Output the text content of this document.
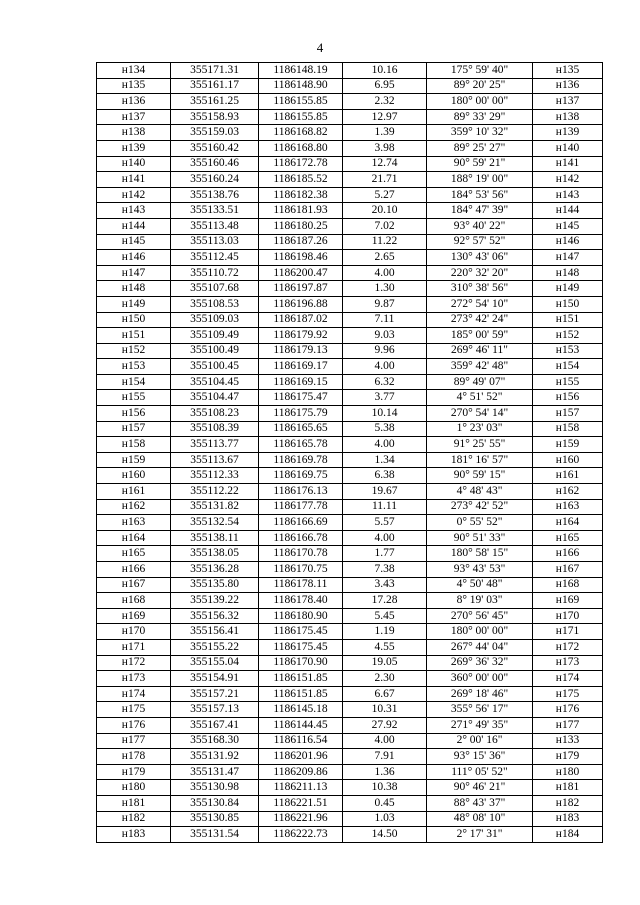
4
н134	355171.31	1186148.19	10.16	175° 59' 40"	н135
н135	355161.17	1186148.90	6.95	89° 20' 25"	н136
н136	355161.25	1186155.85	2.32	180° 00' 00"	н137
н137	355158.93	1186155.85	12.97	89° 33' 29"	н138
н138	355159.03	1186168.82	1.39	359° 10' 32"	н139
н139	355160.42	1186168.80	3.98	89° 25' 27"	н140
н140	355160.46	1186172.78	12.74	90° 59' 21"	н141
н141	355160.24	1186185.52	21.71	188° 19' 00"	н142
н142	355138.76	1186182.38	5.27	184° 53' 56"	н143
н143	355133.51	1186181.93	20.10	184° 47' 39"	н144
н144	355113.48	1186180.25	7.02	93° 40' 22"	н145
н145	355113.03	1186187.26	11.22	92° 57' 52"	н146
н146	355112.45	1186198.46	2.65	130° 43' 06"	н147
н147	355110.72	1186200.47	4.00	220° 32' 20"	н148
н148	355107.68	1186197.87	1.30	310° 38' 56"	н149
н149	355108.53	1186196.88	9.87	272° 54' 10"	н150
н150	355109.03	1186187.02	7.11	273° 42' 24"	н151
н151	355109.49	1186179.92	9.03	185° 00' 59"	н152
н152	355100.49	1186179.13	9.96	269° 46' 11"	н153
н153	355100.45	1186169.17	4.00	359° 42' 48"	н154
н154	355104.45	1186169.15	6.32	89° 49' 07"	н155
н155	355104.47	1186175.47	3.77	4° 51' 52"	н156
н156	355108.23	1186175.79	10.14	270° 54' 14"	н157
н157	355108.39	1186165.65	5.38	1° 23' 03"	н158
н158	355113.77	1186165.78	4.00	91° 25' 55"	н159
н159	355113.67	1186169.78	1.34	181° 16' 57"	н160
н160	355112.33	1186169.75	6.38	90° 59' 15"	н161
н161	355112.22	1186176.13	19.67	4° 48' 43"	н162
н162	355131.82	1186177.78	11.11	273° 42' 52"	н163
н163	355132.54	1186166.69	5.57	0° 55' 52"	н164
н164	355138.11	1186166.78	4.00	90° 51' 33"	н165
н165	355138.05	1186170.78	1.77	180° 58' 15"	н166
н166	355136.28	1186170.75	7.38	93° 43' 53"	н167
н167	355135.80	1186178.11	3.43	4° 50' 48"	н168
н168	355139.22	1186178.40	17.28	8° 19' 03"	н169
н169	355156.32	1186180.90	5.45	270° 56' 45"	н170
н170	355156.41	1186175.45	1.19	180° 00' 00"	н171
н171	355155.22	1186175.45	4.55	267° 44' 04"	н172
н172	355155.04	1186170.90	19.05	269° 36' 32"	н173
н173	355154.91	1186151.85	2.30	360° 00' 00"	н174
н174	355157.21	1186151.85	6.67	269° 18' 46"	н175
н175	355157.13	1186145.18	10.31	355° 56' 17"	н176
н176	355167.41	1186144.45	27.92	271° 49' 35"	н177
н177	355168.30	1186116.54	4.00	2° 00' 16"	н133
н178	355131.92	1186201.96	7.91	93° 15' 36"	н179
н179	355131.47	1186209.86	1.36	111° 05' 52"	н180
н180	355130.98	1186211.13	10.38	90° 46' 21"	н181
н181	355130.84	1186221.51	0.45	88° 43' 37"	н182
н182	355130.85	1186221.96	1.03	48° 08' 10"	н183
н183	355131.54	1186222.73	14.50	2° 17' 31"	н184
